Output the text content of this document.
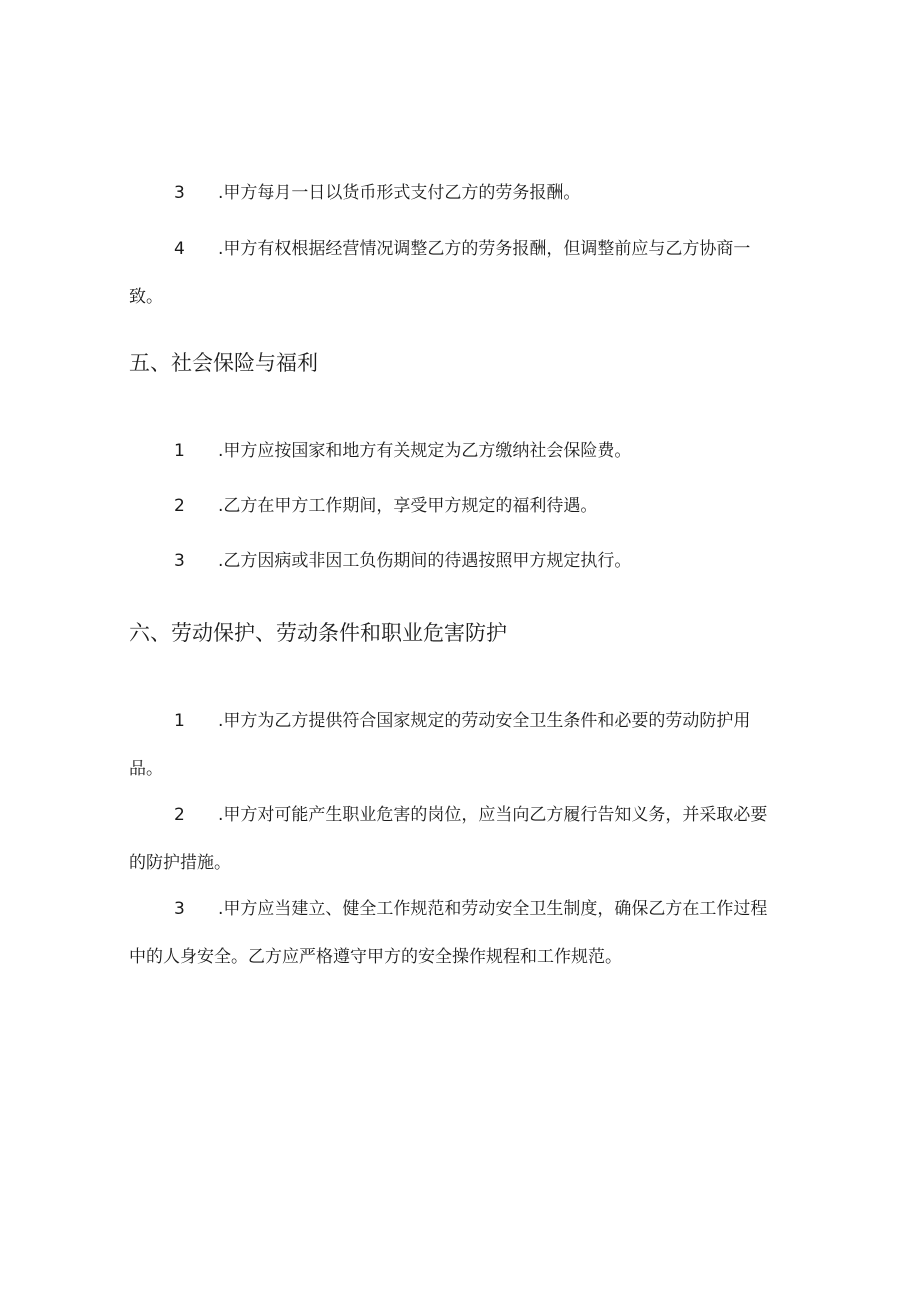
3 .甲方每月一日以货币形式支付乙方的劳务报酬。

4 .甲方有权根据经营情况调整乙方的劳务报酬，但调整前应与乙方协商一致。

五、社会保险与福利

1 .甲方应按国家和地方有关规定为乙方缴纳社会保险费。

2 .乙方在甲方工作期间，享受甲方规定的福利待遇。

3 .乙方因病或非因工负伤期间的待遇按照甲方规定执行。

六、劳动保护、劳动条件和职业危害防护

1 .甲方为乙方提供符合国家规定的劳动安全卫生条件和必要的劳动防护用品。

2 .甲方对可能产生职业危害的岗位，应当向乙方履行告知义务，并采取必要的防护措施。

3 .甲方应当建立、健全工作规范和劳动安全卫生制度，确保乙方在工作过程中的人身安全。乙方应严格遵守甲方的安全操作规程和工作规范。
